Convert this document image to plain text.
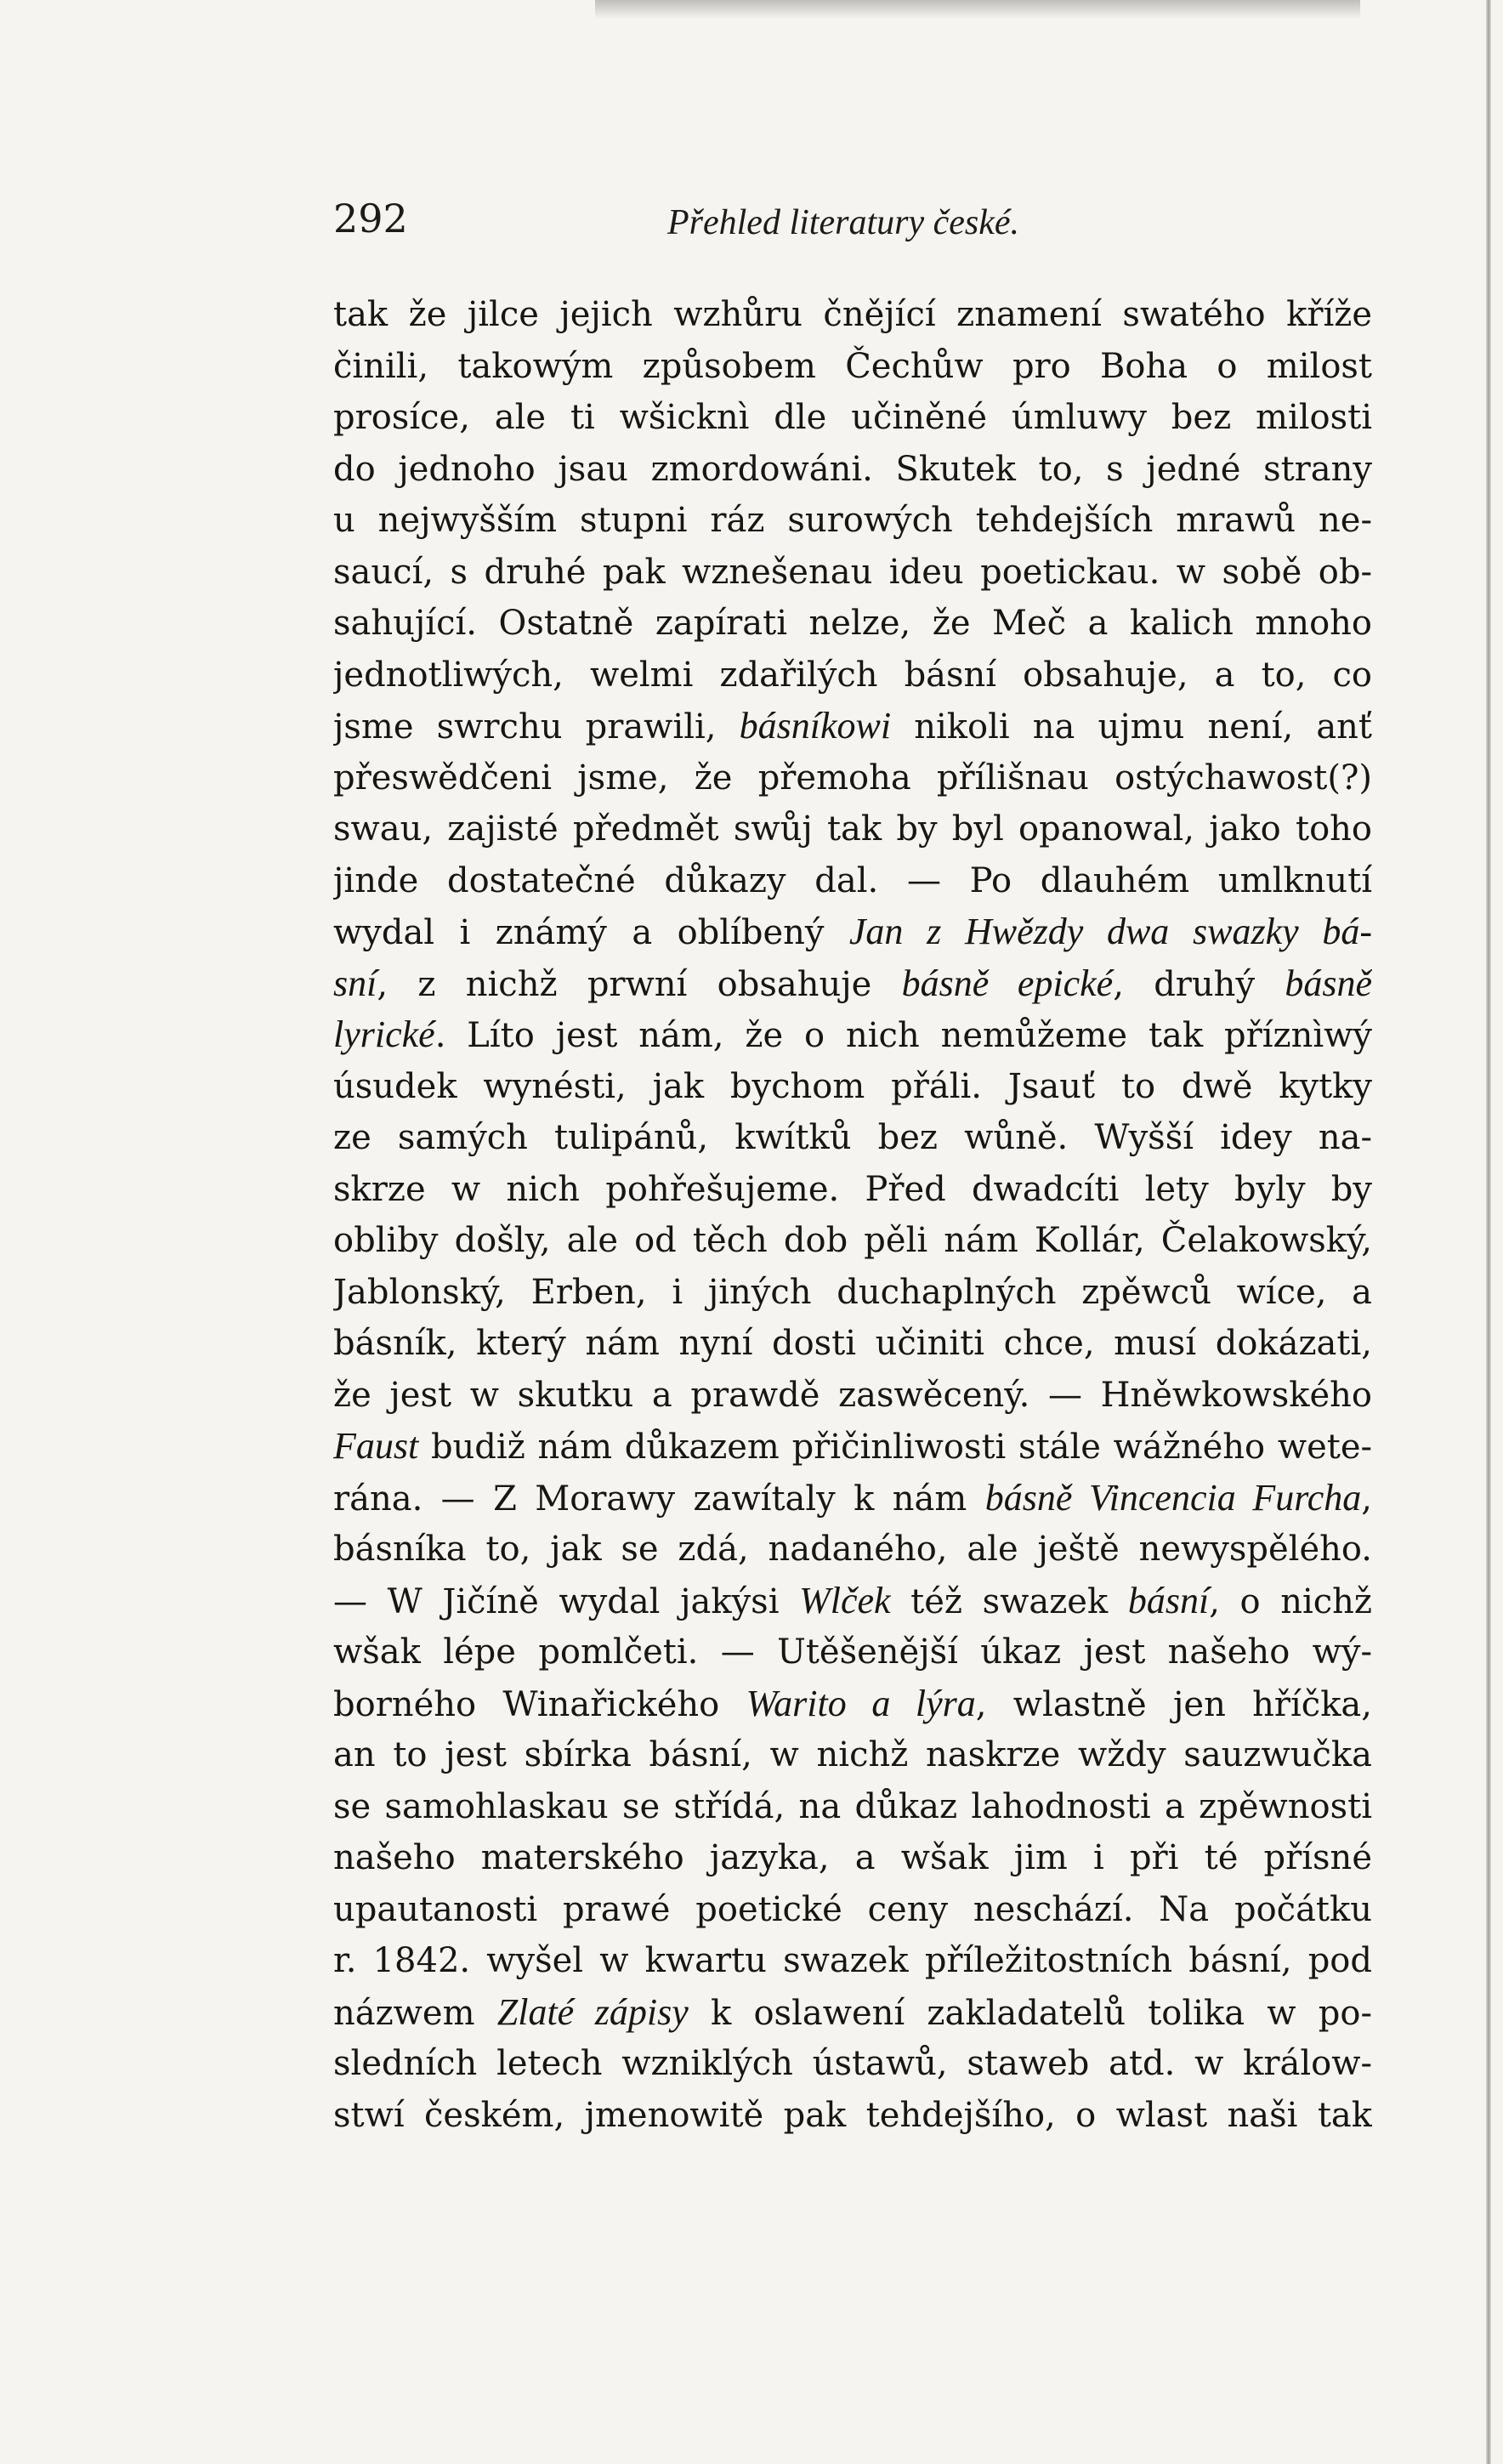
292	Přehled literatury české.
tak že jilce jejich wzhůru čnějící znamení swatého kříže
činili, takowým způsobem Čechůw pro Boha o milost
prosíce, ale ti wšicknì dle učiněné úmluwy bez milosti
do jednoho jsau zmordowáni. Skutek to, s jedné strany
u nejwyšším stupni ráz surowých tehdejších mrawů ne-
saucí, s druhé pak wznešenau ideu poetickau. w sobě ob-
sahující. Ostatně zapírati nelze, že Meč a kalich mnoho
jednotliwých, welmi zdařilých básní obsahuje, a to, co
jsme swrchu prawili, básníkowi nikoli na ujmu není, anť
přeswědčeni jsme, že přemoha přílišnau ostýchawost(?)
swau, zajisté předmět swůj tak by byl opanowal, jako toho
jinde dostatečné důkazy dal. — Po dlauhém umlknutí
wydal i známý a oblíbený Jan z Hwězdy dwa swazky bá-
sní, z nichž prwní obsahuje básně epické, druhý básně
lyrické. Líto jest nám, že o nich nemůžeme tak příznìwý
úsudek wynésti, jak bychom přáli. Jsauť to dwě kytky
ze samých tulipánů, kwítků bez wůně. Wyšší idey na-
skrze w nich pohřešujeme. Před dwadcíti lety byly by
obliby došly, ale od těch dob pěli nám Kollár, Čelakowský,
Jablonský, Erben, i jiných duchaplných zpěwců wíce, a
básník, který nám nyní dosti učiniti chce, musí dokázati,
že jest w skutku a prawdě zaswěcený. — Hněwkowského
Faust budiž nám důkazem přičinliwosti stále wážného wete-
rána. — Z Morawy zawítaly k nám básně Vincencia Furcha,
básníka to, jak se zdá, nadaného, ale ještě newyspělého.
— W Jičíně wydal jakýsi Wlček též swazek básní, o nichž
wšak lépe pomlčeti. — Utěšenější úkaz jest našeho wý-
borného Winařického Warito a lýra, wlastně jen hříčka,
an to jest sbírka básní, w nichž naskrze wždy sauzwučka
se samohlaskau se střídá, na důkaz lahodnosti a zpěwnosti
našeho materského jazyka, a wšak jim i při té přísné
upautanosti prawé poetické ceny neschází. Na počátku
r. 1842. wyšel w kwartu swazek příležitostních básní, pod
názwem Zlaté zápisy k oslawení zakladatelů tolika w po-
sledních letech wzniklých ústawů, staweb atd. w králow-
stwí českém, jmenowitě pak tehdejšího, o wlast naši tak
